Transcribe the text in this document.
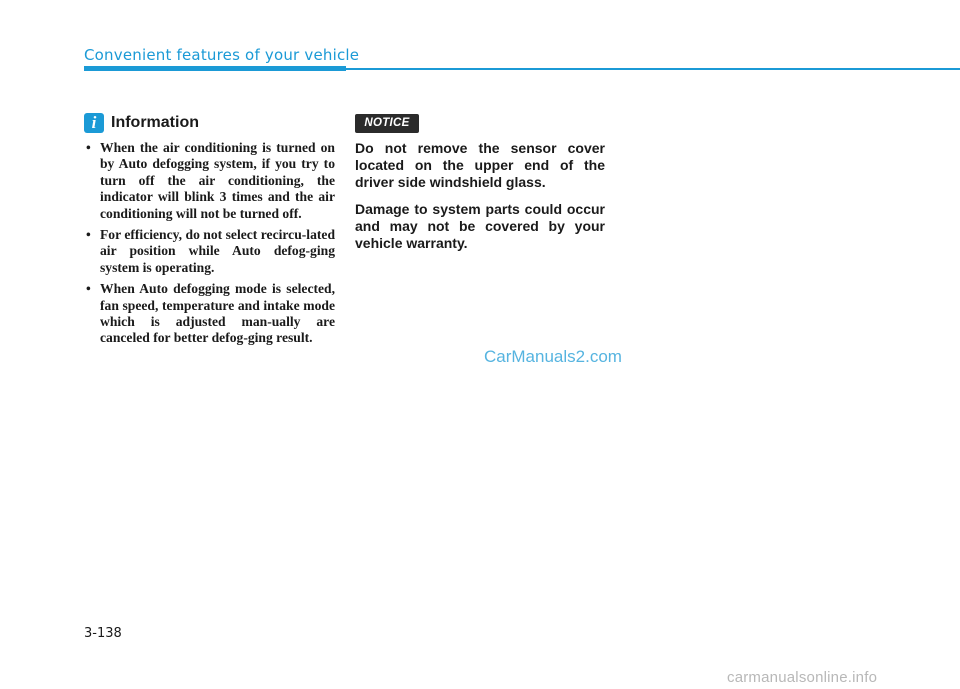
Convenient features of your vehicle
i Information
• When the air conditioning is turned on by Auto defogging system, if you try to turn off the air conditioning, the indicator will blink 3 times and the air conditioning will not be turned off.
• For efficiency, do not select recircu-lated air position while Auto defog-ging system is operating.
• When Auto defogging mode is selected, fan speed, temperature and intake mode which is adjusted man-ually are canceled for better defog-ging result.
NOTICE

Do not remove the sensor cover located on the upper end of the driver side windshield glass.

Damage to system parts could occur and may not be covered by your vehicle warranty.

CarManuals2.com
3-138
carmanualsonline.info
